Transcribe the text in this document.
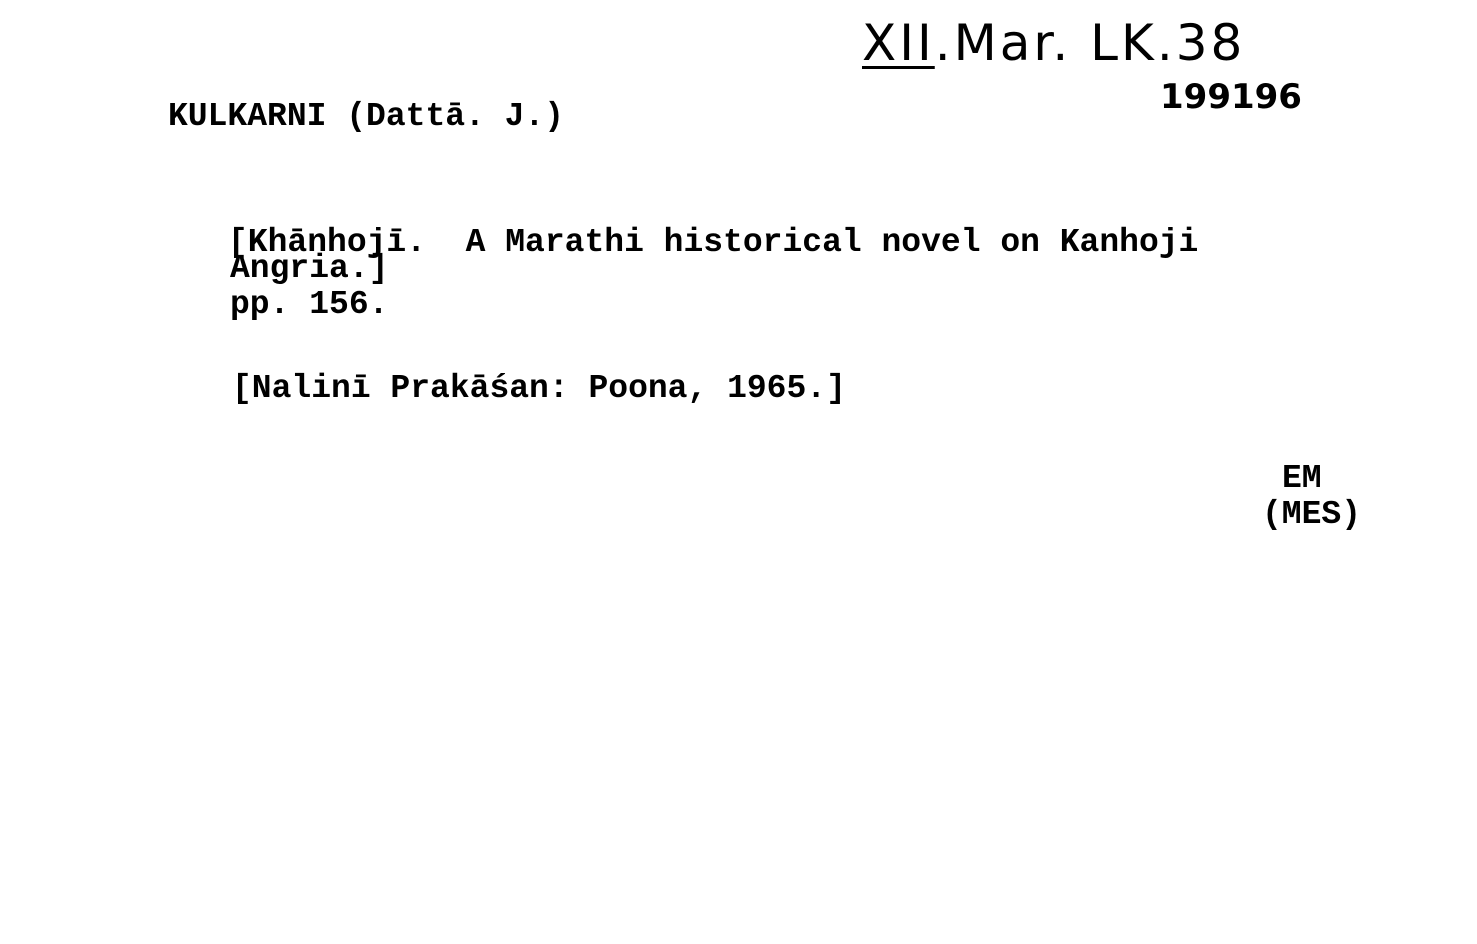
XII.Mar. LK.38
199196
KULKARNI (Dattā. J.)
[Khānhojī.  A Marathi historical novel on Kanhoji
Angria.]
pp. 156.
[Nalinī Prakāśan: Poona, 1965.]
EM
(MES)
